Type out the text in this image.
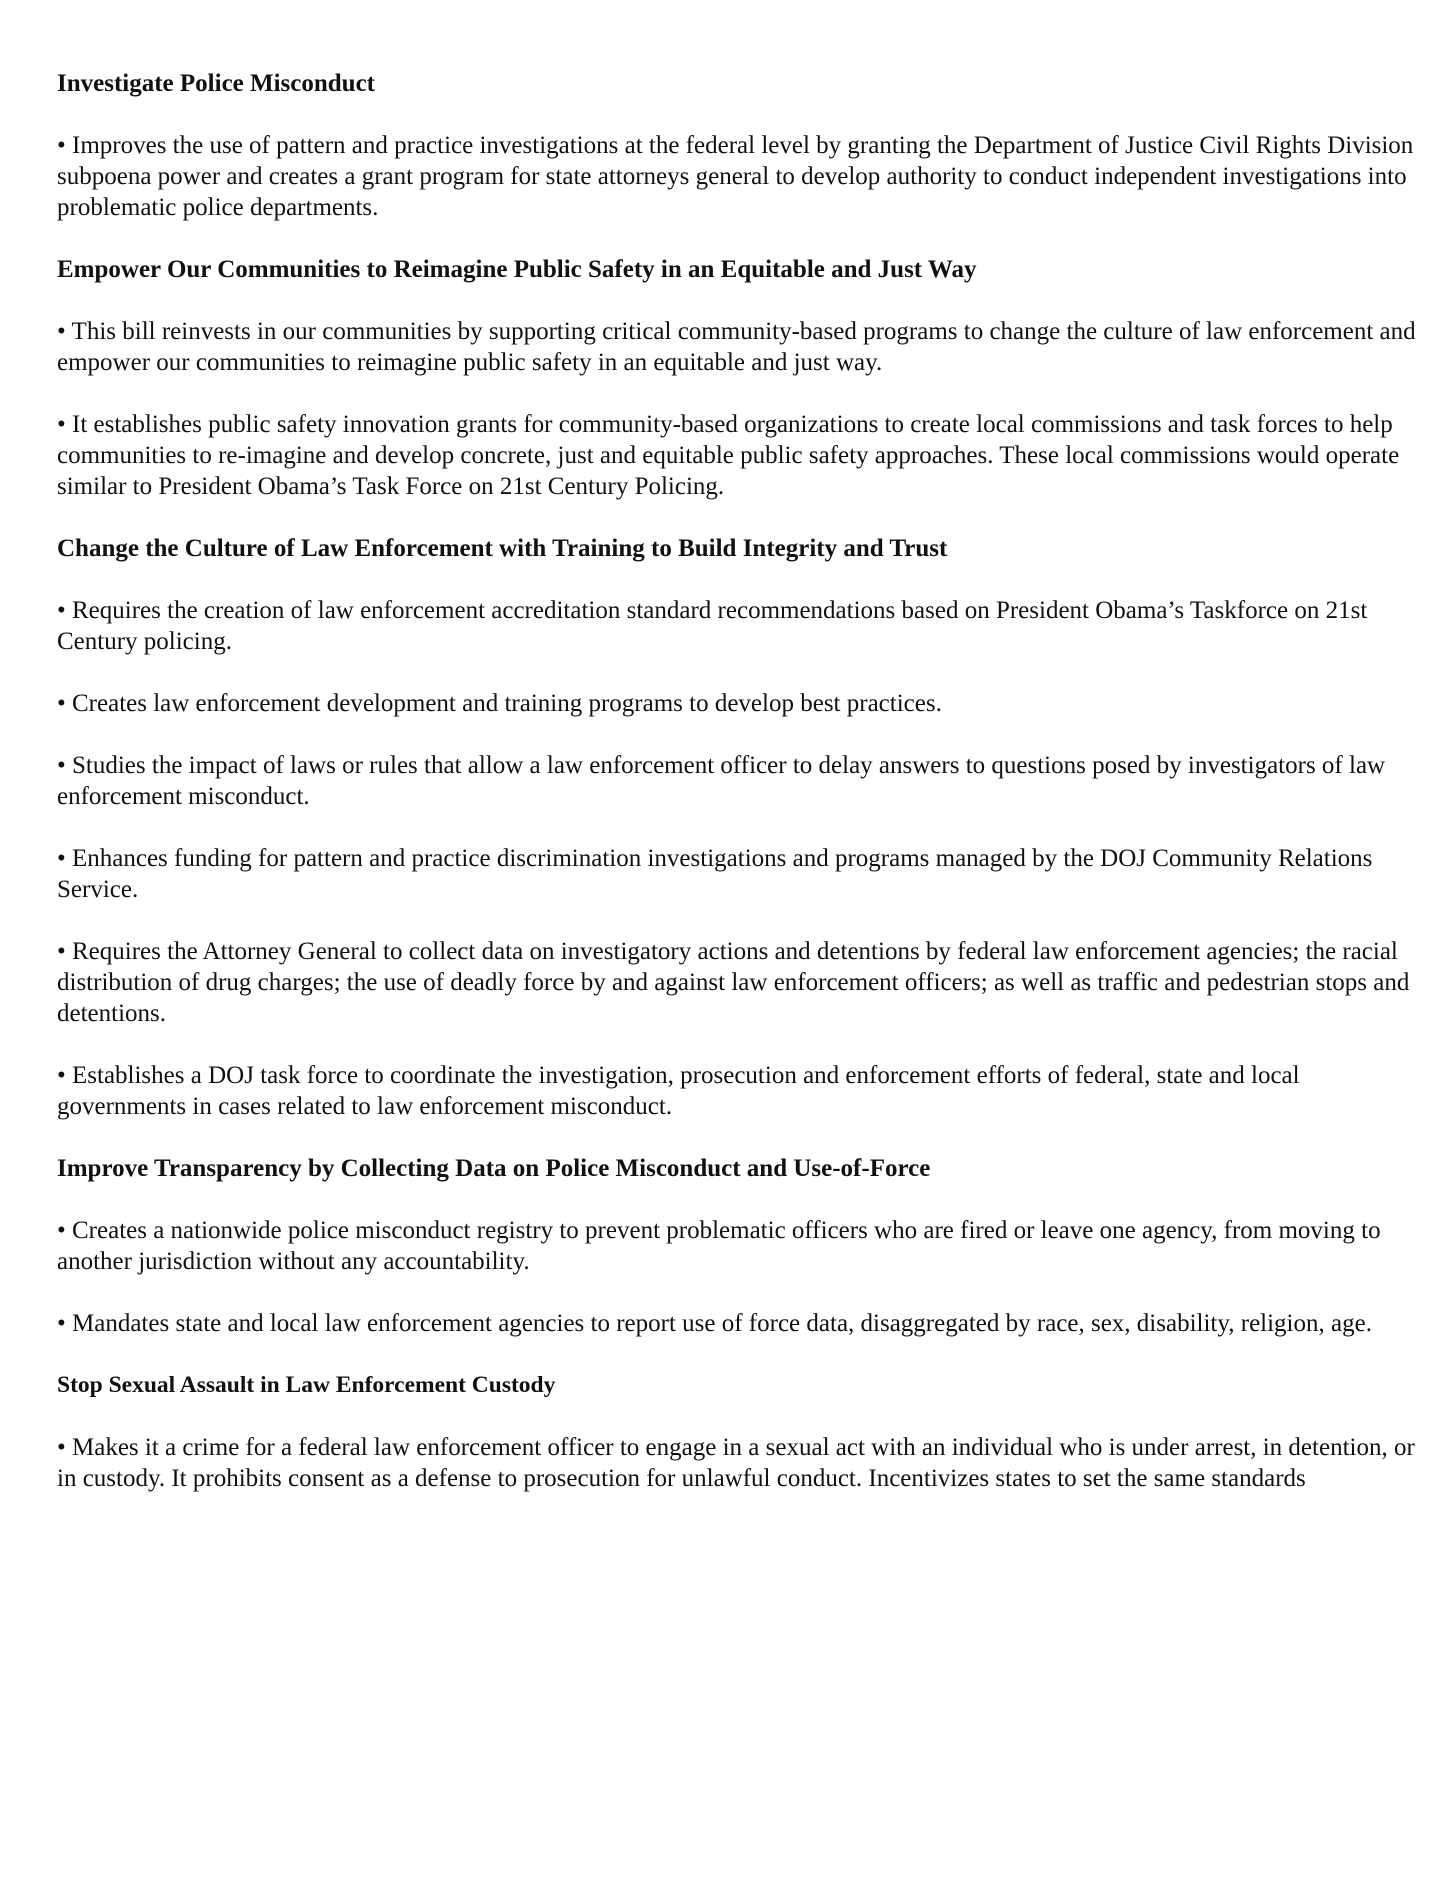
Investigate Police Misconduct
• Improves the use of pattern and practice investigations at the federal level by granting the Department of Justice Civil Rights Division subpoena power and creates a grant program for state attorneys general to develop authority to conduct independent investigations into problematic police departments.
Empower Our Communities to Reimagine Public Safety in an Equitable and Just Way
• This bill reinvests in our communities by supporting critical community-based programs to change the culture of law enforcement and empower our communities to reimagine public safety in an equitable and just way.
• It establishes public safety innovation grants for community-based organizations to create local commissions and task forces to help communities to re-imagine and develop concrete, just and equitable public safety approaches. These local commissions would operate similar to President Obama’s Task Force on 21st Century Policing.
Change the Culture of Law Enforcement with Training to Build Integrity and Trust
• Requires the creation of law enforcement accreditation standard recommendations based on President Obama’s Taskforce on 21st Century policing.
• Creates law enforcement development and training programs to develop best practices.
• Studies the impact of laws or rules that allow a law enforcement officer to delay answers to questions posed by investigators of law enforcement misconduct.
• Enhances funding for pattern and practice discrimination investigations and programs managed by the DOJ Community Relations Service.
• Requires the Attorney General to collect data on investigatory actions and detentions by federal law enforcement agencies; the racial distribution of drug charges; the use of deadly force by and against law enforcement officers; as well as traffic and pedestrian stops and detentions.
• Establishes a DOJ task force to coordinate the investigation, prosecution and enforcement efforts of federal, state and local governments in cases related to law enforcement misconduct.
Improve Transparency by Collecting Data on Police Misconduct and Use-of-Force
• Creates a nationwide police misconduct registry to prevent problematic officers who are fired or leave one agency, from moving to another jurisdiction without any accountability.
• Mandates state and local law enforcement agencies to report use of force data, disaggregated by race, sex, disability, religion, age.
Stop Sexual Assault in Law Enforcement Custody
• Makes it a crime for a federal law enforcement officer to engage in a sexual act with an individual who is under arrest, in detention, or in custody. It prohibits consent as a defense to prosecution for unlawful conduct. Incentivizes states to set the same standards
